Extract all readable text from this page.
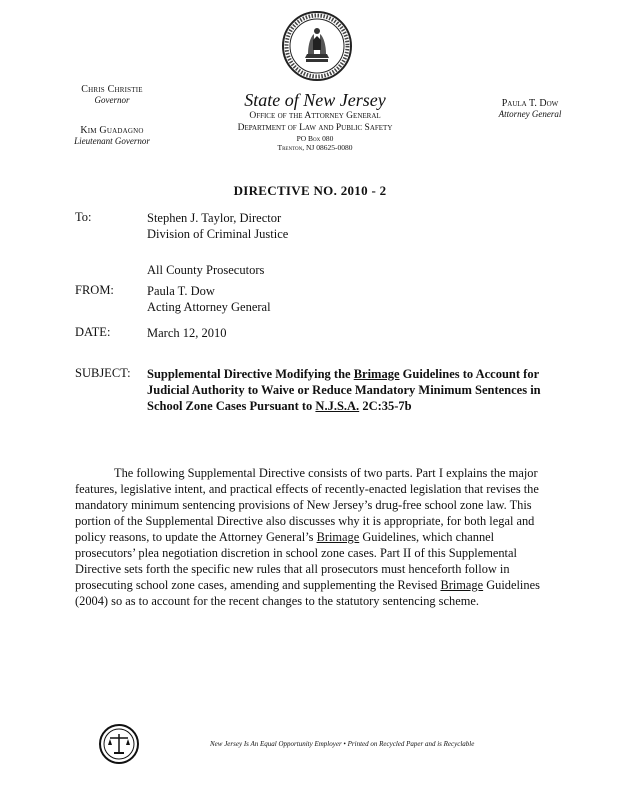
Chris Christie
Governor
Kim Guadagno
Lieutenant Governor
State of New Jersey
Office of the Attorney General
Department of Law and Public Safety
PO Box 080
Trenton, NJ 08625-0080
Paula T. Dow
Attorney General
DIRECTIVE NO. 2010 - 2
To:	Stephen J. Taylor, Director
Division of Criminal Justice
All County Prosecutors
FROM:	Paula T. Dow
Acting Attorney General
DATE:	March 12, 2010
SUBJECT: Supplemental Directive Modifying the Brimage Guidelines to Account for Judicial Authority to Waive or Reduce Mandatory Minimum Sentences in School Zone Cases Pursuant to N.J.S.A. 2C:35-7b
The following Supplemental Directive consists of two parts. Part I explains the major features, legislative intent, and practical effects of recently-enacted legislation that revises the mandatory minimum sentencing provisions of New Jersey’s drug-free school zone law. This portion of the Supplemental Directive also discusses why it is appropriate, for both legal and policy reasons, to update the Attorney General’s Brimage Guidelines, which channel prosecutors’ plea negotiation discretion in school zone cases. Part II of this Supplemental Directive sets forth the specific new rules that all prosecutors must henceforth follow in prosecuting school zone cases, amending and supplementing the Revised Brimage Guidelines (2004) so as to account for the recent changes to the statutory sentencing scheme.
New Jersey Is An Equal Opportunity Employer • Printed on Recycled Paper and is Recyclable
